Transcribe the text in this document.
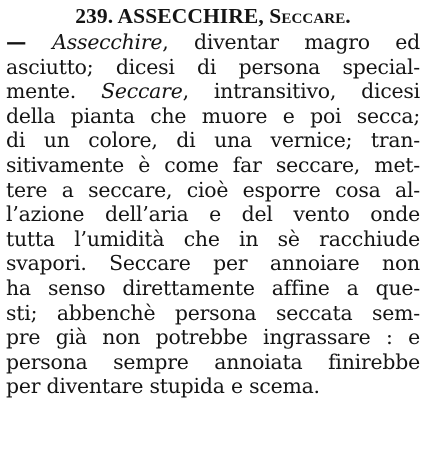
239. ASSECCHIRE, Seccare.
— Assecchire, diventar magro ed
asciutto; dicesi di persona special-
mente. Seccare, intransitivo, dicesi
della pianta che muore e poi secca;
di un colore, di una vernice; tran-
sitivamente è come far seccare, met-
tere a seccare, cioè esporre cosa al-
l’azione dell’aria e del vento onde
tutta l’umidità che in sè racchiude
svapori. Seccare per annoiare non
ha senso direttamente affine a que-
sti; abbenchè persona seccata sem-
pre già non potrebbe ingrassare : e
persona sempre annoiata finirebbe
per diventare stupida e scema.
